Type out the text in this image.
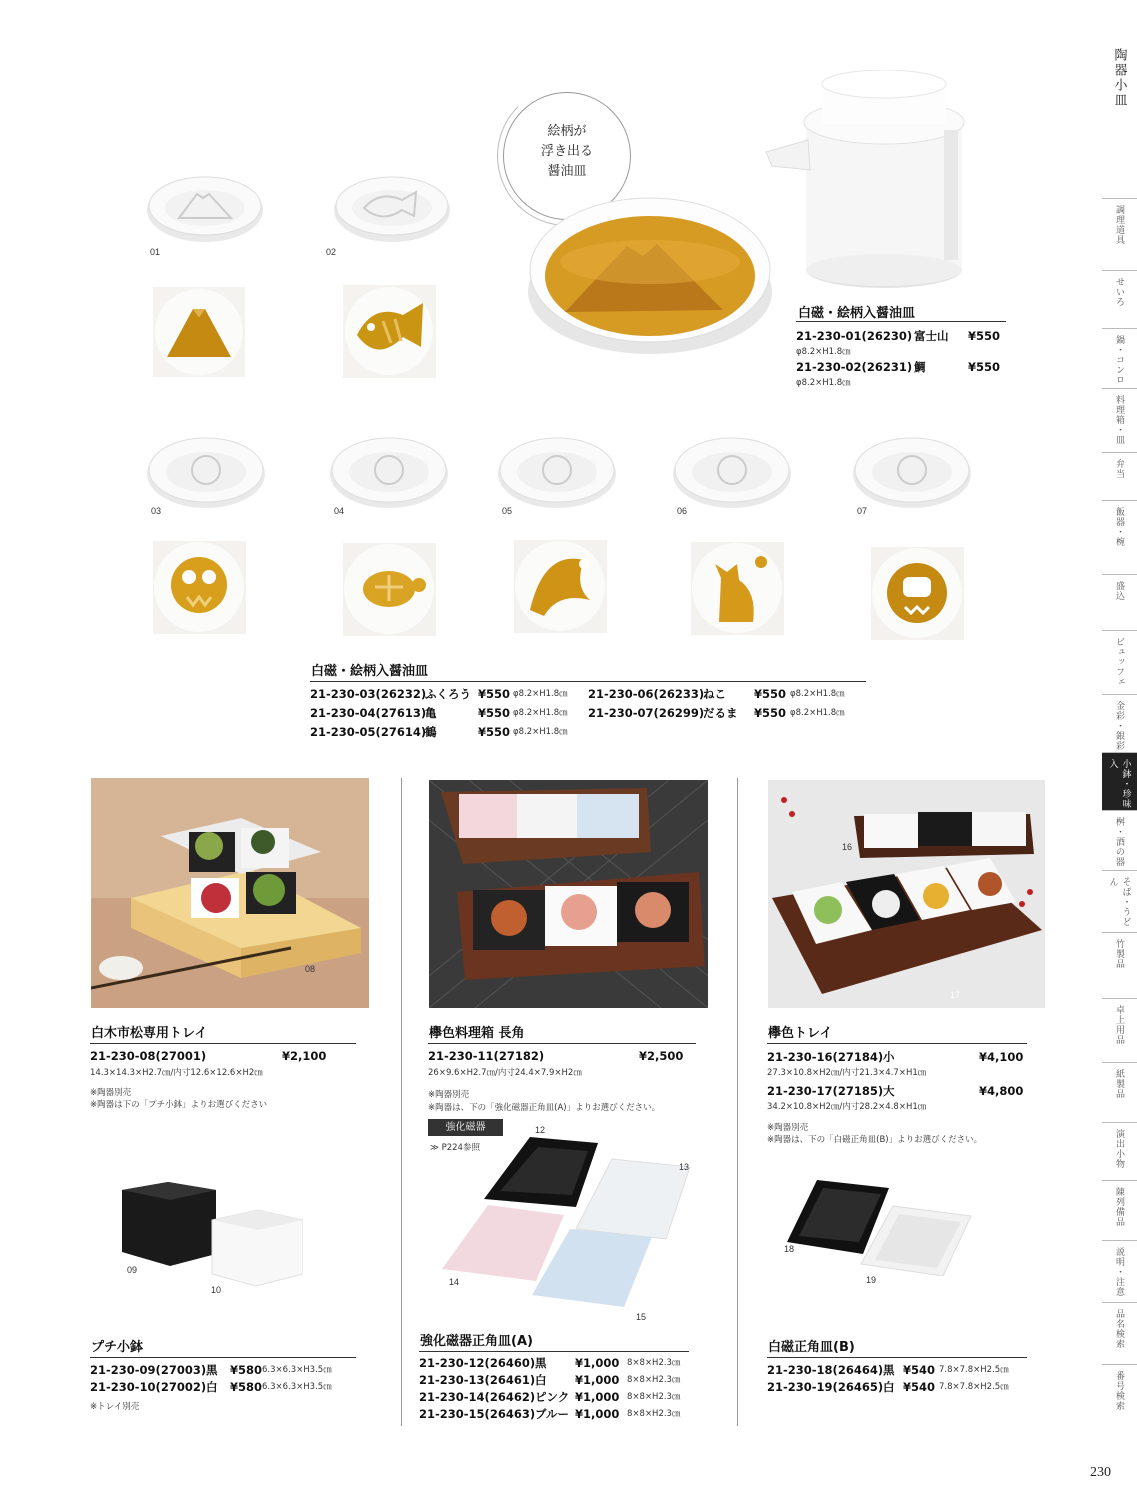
陶器小皿
調理道具
せいろ
鍋・コンロ
料理箱・皿
弁当
飯器・椀
盛込
ビュッフェ
金彩・銀彩
小鉢・珍味入
桝・酒の器
そば・うどん
竹製品
卓上用品
紙製品
演出小物
陳列備品
説明・注意
品名検索
番号検索
230
01	02
絵柄が
浮き出る
醤油皿
白磁・絵柄入醤油皿
21-230-01(26230) 富士山 ¥550
φ8.2×H1.8㎝
21-230-02(26231) 鯛	¥550
φ8.2×H1.8㎝
03	04	05	06	07
白磁・絵柄入醤油皿
21-230-03(26232)
ふくろう ¥550 φ8.2×H1.8㎝
21-230-04(27613)
亀	¥550 φ8.2×H1.8㎝
21-230-05(27614)
鶴	¥550 φ8.2×H1.8㎝
21-230-06(26233)
ねこ ¥550 φ8.2×H1.8㎝
21-230-07(26299)
だるま ¥550 φ8.2×H1.8㎝
08
白木市松専用トレイ
21-230-08(27001)	¥2,100
14.3×14.3×H2.7㎝/内寸12.6×12.6×H2㎝
※陶器別売
※陶器は下の「プチ小鉢」よりお選びください
09
10
プチ小鉢
21-230-09(27003) 黒 ¥580 6.3×6.3×H3.5㎝
21-230-10(27002) 白 ¥580 6.3×6.3×H3.5㎝
※トレイ別売
欅色料理箱 長角
21-230-11(27182)	¥2,500
26×9.6×H2.7㎝/内寸24.4×7.9×H2㎝
※陶器別売
※陶器は、下の「強化磁器正角皿(A)」よりお選びください。
強化磁器
≫ P224参照
12
13
14
15
強化磁器正角皿(A)
21-230-12(26460) 黒 ¥1,000 8×8×H2.3㎝
21-230-13(26461) 白 ¥1,000 8×8×H2.3㎝
21-230-14(26462) ピンク ¥1,000 8×8×H2.3㎝
21-230-15(26463) ブルー ¥1,000 8×8×H2.3㎝
16
17
欅色トレイ
21-230-16(27184) 小	¥4,100
27.3×10.8×H2㎝/内寸21.3×4.7×H1㎝
21-230-17(27185) 大	¥4,800
34.2×10.8×H2㎝/内寸28.2×4.8×H1㎝
※陶器別売
※陶器は、下の「白磁正角皿(B)」よりお選びください。
18
19
白磁正角皿(B)
21-230-18(26464) 黒 ¥540 7.8×7.8×H2.5㎝
21-230-19(26465) 白 ¥540 7.8×7.8×H2.5㎝
